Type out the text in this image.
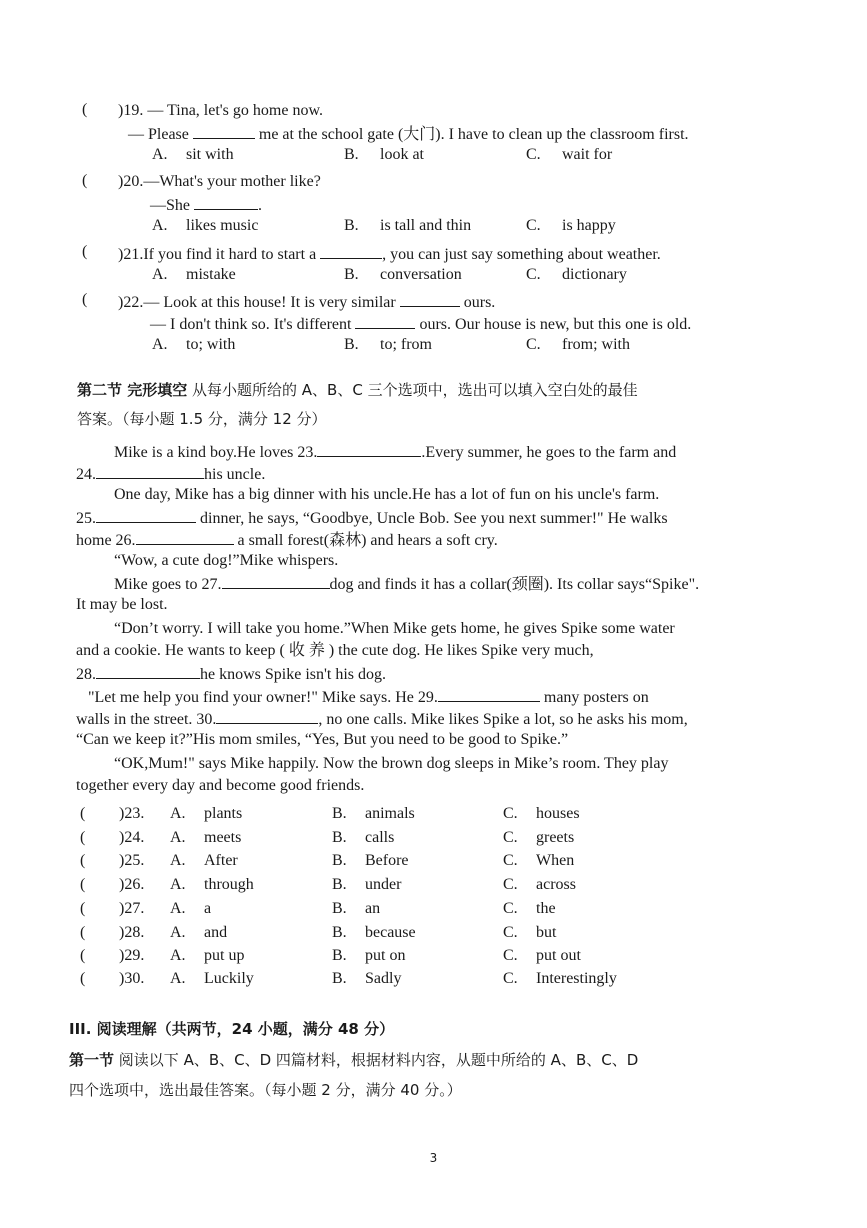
( )19. — Tina, let's go home now.
— Please	me at the school gate (大门). I have to clean up the classroom first.
A. sit with	B. look at	C. wait for
( )20.—What's your mother like?
—She	.
A. likes music	B. is tall and thin	C. is happy
( )21.If you find it hard to start a	, you can just say something about weather.
A. mistake	B. conversation	C. dictionary
( )22.— Look at this house! It is very similar	ours.
— I don't think so. It's different	ours. Our house is new, but this one is old.
A. to; with	B. to; from	C. from; with
第二节 完形填空 从每小题所给的 A、B、C 三个选项中，选出可以填入空白处的最佳
答案。（每小题 1.5 分，满分 12 分）
Mike is a kind boy.He loves 23.	.Every summer, he goes to the farm and
24.	his uncle.
One day, Mike has a big dinner with his uncle.He has a lot of fun on his uncle's farm.
25.	dinner, he says, “Goodbye, Uncle Bob. See you next summer!" He walks
home 26.	a small forest(森林) and hears a soft cry.
“Wow, a cute dog!”Mike whispers.
Mike goes to 27.	dog and finds it has a collar(颈圈). Its collar says“Spike".
It may be lost.
“Don’t worry. I will take you home.”When Mike gets home, he gives Spike some water
and a cookie. He wants to keep ( 收 养 ) the cute dog. He likes Spike very much,
28.	he knows Spike isn't his dog.
"Let me help you find your owner!" Mike says. He 29.	many posters on
walls in the street. 30.	, no one calls. Mike likes Spike a lot, so he asks his mom,
“Can we keep it?”His mom smiles, “Yes, But you need to be good to Spike.”
“OK,Mum!" says Mike happily. Now the brown dog sleeps in Mike’s room. They play
together every day and become good friends.
( )23. A. plants	B. animals	C. houses
( )24. A. meets	B. calls	C. greets
( )25. A. After	B. Before	C. When
( )26. A. through	B. under	C. across
( )27. A. a	B. an	C. the
( )28. A. and	B. because	C. but
( )29. A. put up	B. put on	C. put out
( )30. A. Luckily	B. Sadly	C. Interestingly
III. 阅读理解（共两节，24 小题，满分 48 分）
第一节 阅读以下 A、B、C、D 四篇材料，根据材料内容，从题中所给的 A、B、C、D
四个选项中，选出最佳答案。（每小题 2 分，满分 40 分。）
3
